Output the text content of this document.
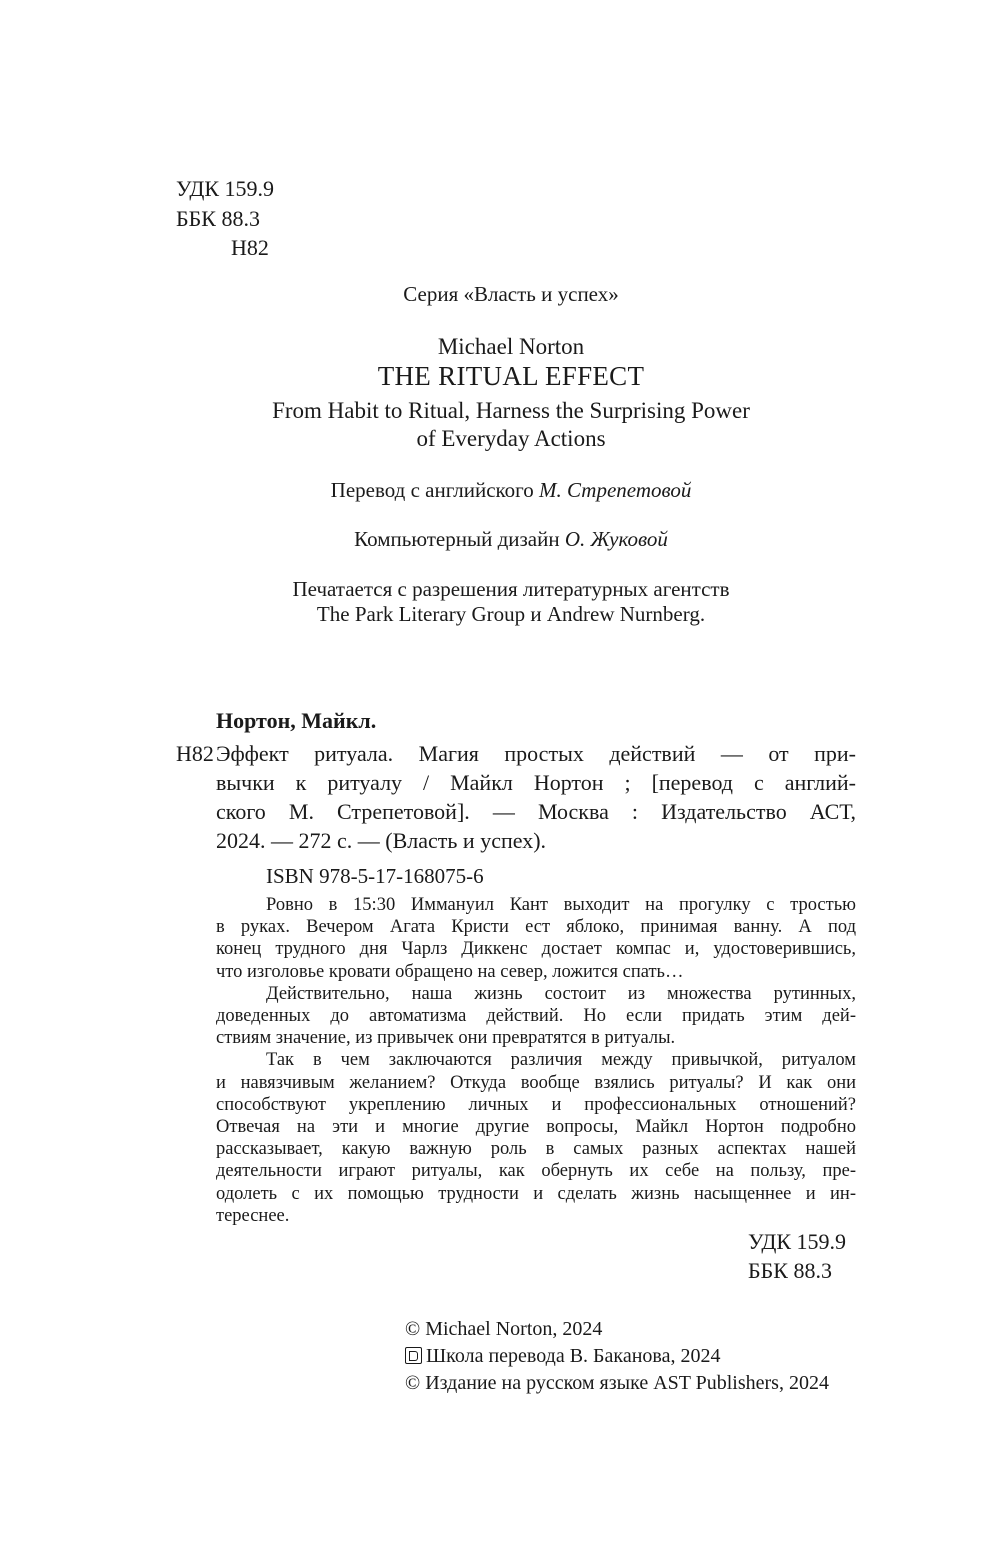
УДК 159.9
ББК 88.3
Н82
Серия «Власть и успех»
Michael Norton
THE RITUAL EFFECT
From Habit to Ritual, Harness the Surprising Power
of Everyday Actions
Перевод с английского М. Стрепетовой
Компьютерный дизайн О. Жуковой
Печатается с разрешения литературных агентств
The Park Literary Group и Andrew Nurnberg.
Нортон, Майкл.
Н82 Эффект ритуала. Магия простых действий — от при-
вычки к ритуалу / Майкл Нортон ; [перевод с англий-
ского М. Стрепетовой]. — Москва : Издательство АСТ,
2024. — 272 с. — (Власть и успех).
ISBN 978-5-17-168075-6
УДК 159.9
ББК 88.3
© Michael Norton, 2024
Школа перевода В. Баканова, 2024
© Издание на русском языке AST Publishers, 2024
Ровно в 15:30 Иммануил Кант выходит на прогулку с тростью
в руках. Вечером Агата Кристи ест яблоко, принимая ванну. А под
конец трудного дня Чарлз Диккенс достает компас и, удостоверившись,
что изголовье кровати обращено на север, ложится спать…
Действительно, наша жизнь состоит из множества рутинных,
доведенных до автоматизма действий. Но если придать этим дей-
ствиям значение, из привычек они превратятся в ритуалы.
Так в чем заключаются различия между привычкой, ритуалом
и навязчивым желанием? Откуда вообще взялись ритуалы? И как они
способствуют укреплению личных и профессиональных отношений?
Отвечая на эти и многие другие вопросы, Майкл Нортон подробно
рассказывает, какую важную роль в самых разных аспектах нашей
деятельности играют ритуалы, как обернуть их себе на пользу, пре-
одолеть с их помощью трудности и сделать жизнь насыщеннее и ин-
тереснее.
